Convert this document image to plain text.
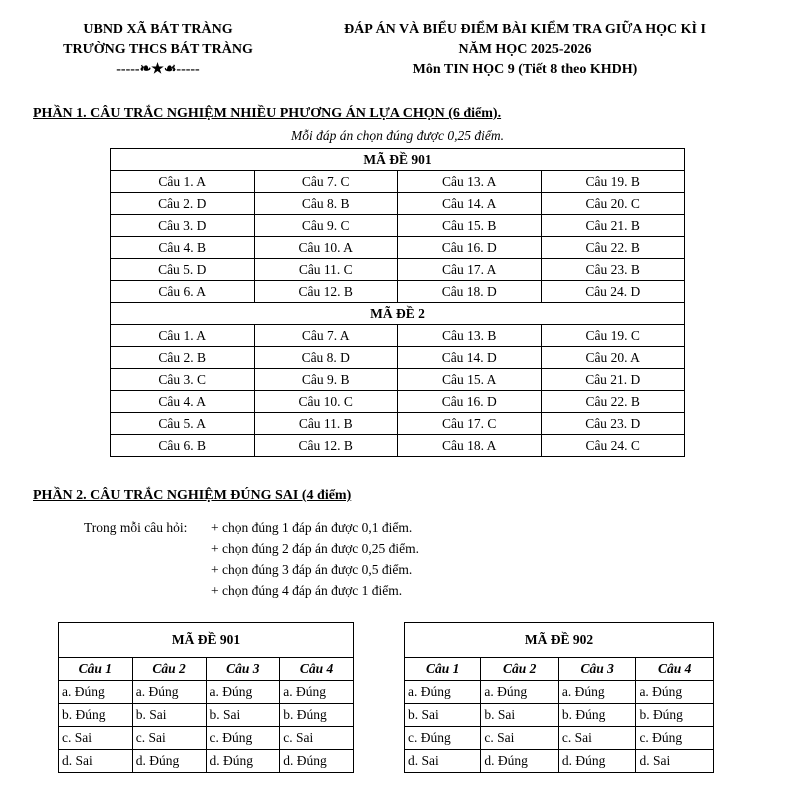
UBND XÃ BÁT TRÀNG
TRƯỜNG THCS BÁT TRÀNG
-----❧★☙-----
ĐÁP ÁN VÀ BIỂU ĐIỂM BÀI KIỂM TRA GIỮA HỌC KÌ I
NĂM HỌC 2025-2026
Môn TIN HỌC 9 (Tiết 8 theo KHDH)
PHẦN 1. CÂU TRẮC NGHIỆM NHIỀU PHƯƠNG ÁN LỰA CHỌN (6 điểm).
Mỗi đáp án chọn đúng được 0,25 điểm.
MÃ ĐỀ 901			
Câu 1. A	Câu 7. C	Câu 13. A	Câu 19. B
Câu 2. D	Câu 8. B	Câu 14. A	Câu 20. C
Câu 3. D	Câu 9. C	Câu 15. B	Câu 21. B
Câu 4. B	Câu 10. A	Câu 16. D	Câu 22. B
Câu 5. D	Câu 11. C	Câu 17. A	Câu 23. B
Câu 6. A	Câu 12. B	Câu 18. D	Câu 24. D
MÃ ĐỀ 2			
Câu 1. A	Câu 7. A	Câu 13. B	Câu 19. C
Câu 2. B	Câu 8. D	Câu 14. D	Câu 20. A
Câu 3. C	Câu 9. B	Câu 15. A	Câu 21. D
Câu 4. A	Câu 10. C	Câu 16. D	Câu 22. B
Câu 5. A	Câu 11. B	Câu 17. C	Câu 23. D
Câu 6. B	Câu 12. B	Câu 18. A	Câu 24. C
PHẦN 2. CÂU TRẮC NGHIỆM ĐÚNG SAI (4 điểm)
Trong mỗi câu hỏi: + chọn đúng 1 đáp án được 0,1 điểm.
+ chọn đúng 2 đáp án được 0,25 điểm.
+ chọn đúng 3 đáp án được 0,5 điểm.
+ chọn đúng 4 đáp án được 1 điểm.
MÃ ĐỀ 901			
Câu 1	Câu 2	Câu 3	Câu 4
a. Đúng	a. Đúng	a. Đúng	a. Đúng
b. Đúng	b. Sai	b. Sai	b. Đúng
c. Sai	c. Sai	c. Đúng	c. Sai
d. Sai	d. Đúng	d. Đúng	d. Đúng
MÃ ĐỀ 902			
Câu 1	Câu 2	Câu 3	Câu 4
a. Đúng	a. Đúng	a. Đúng	a. Đúng
b. Sai	b. Sai	b. Đúng	b. Đúng
c. Đúng	c. Sai	c. Sai	c. Đúng
d. Sai	d. Đúng	d. Đúng	d. Sai
